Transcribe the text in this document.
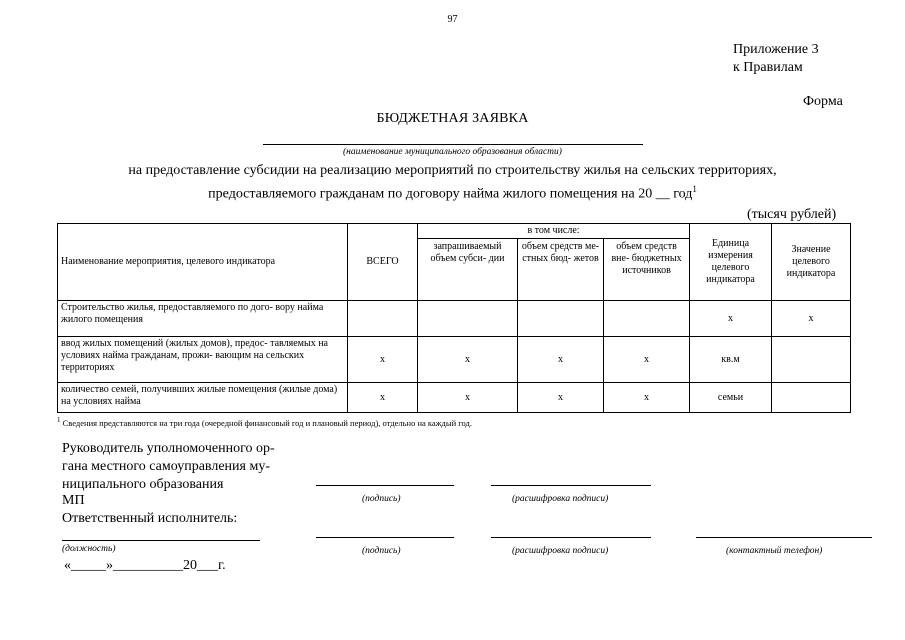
97
Приложение 3
к Правилам
Форма
БЮДЖЕТНАЯ ЗАЯВКА
(наименование муниципального образования области)
на предоставление субсидии на реализацию мероприятий по строительству жилья на сельских территориях,
предоставляемого гражданам по договору найма жилого помещения на 20 __ год$^1$
(тысяч рублей)
Наименование мероприятия, целевого индикатора	ВСЕГО	в том числе:			Единица измерения целевого индикатора	Значение целевого индикатора
		запрашиваемый объем субси- дии	объем средств ме- стных бюд- жетов	объем средств вне- бюджетных источников		
Строительство жилья, предоставляемого по дого- вору найма жилого помещения					х	х
ввод жилых помещений (жилых домов), предос- тавляемых на условиях найма гражданам, прожи- вающим на сельских территориях	х	х	х	х	кв.м	
количество семей, получивших жилые помещения (жилые дома) на условиях найма	х	х	х	х	семьи	
$^1$ Сведения представляются на три года (очередной финансовый год и плановый период), отдельно на каждый год.
Руководитель уполномоченного ор-
гана местного самоуправления му-
ниципального образования
МП	(подпись)	(расшифровка подписи)
Ответственный исполнитель:
(должность)	(подпись)	(расшифровка подписи)	(контактный телефон)
«_____»__________20___г.
